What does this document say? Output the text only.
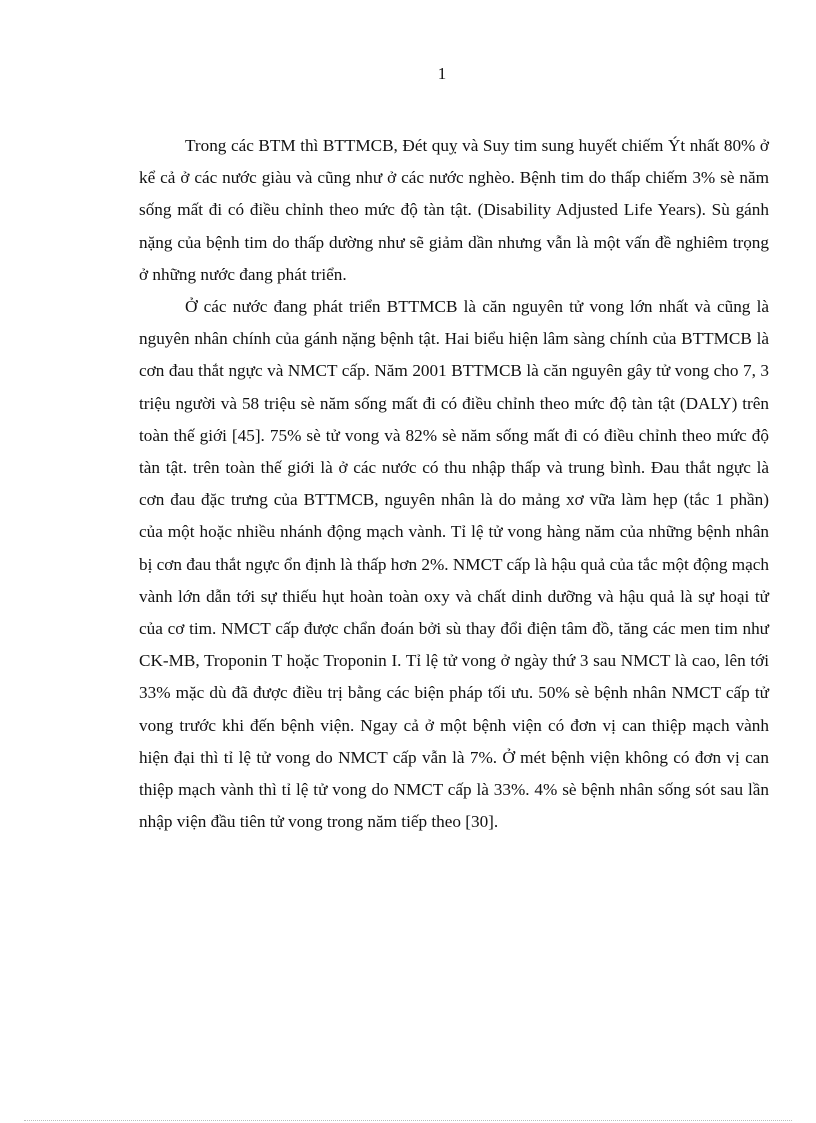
1

Trong các BTM thì BTTMCB, Đét quỵ và Suy tim sung huyết chiếm Ýt nhất 80% ở kể cả ở các nước giàu và cũng như ở các nước nghèo. Bệnh tim do thấp chiếm 3% sè năm sống mất đi có điều chỉnh theo mức độ tàn tật. (Disability Adjusted Life Years). Sù gánh nặng của bệnh tim do thấp dường như sẽ giảm dần nhưng vẫn là một vấn đề nghiêm trọng ở những nước đang phát triển.

Ở các nước đang phát triển BTTMCB là căn nguyên tử vong lớn nhất và cũng là nguyên nhân chính của gánh nặng bệnh tật. Hai biểu hiện lâm sàng chính của BTTMCB là cơn đau thắt ngực và NMCT cấp. Năm 2001 BTTMCB là căn nguyên gây tử vong cho 7, 3 triệu người và 58 triệu sè năm sống mất đi có điều chỉnh theo mức độ tàn tật (DALY) trên toàn thế giới [45]. 75% sè tử vong và 82% sè năm sống mất đi có điều chỉnh theo mức độ tàn tật. trên toàn thế giới là ở các nước có thu nhập thấp và trung bình. Đau thắt ngực là cơn đau đặc trưng của BTTMCB, nguyên nhân là do mảng xơ vữa làm hẹp (tắc 1 phần) của một hoặc nhiều nhánh động mạch vành. Tỉ lệ tử vong hàng năm của những bệnh nhân bị cơn đau thắt ngực ổn định là thấp hơn 2%. NMCT cấp là hậu quả của tắc một động mạch vành lớn dẫn tới sự thiếu hụt hoàn toàn oxy và chất dinh dưỡng và hậu quả là sự hoại tử của cơ tim. NMCT cấp được chẩn đoán bởi sù thay đổi điện tâm đồ, tăng các men tim như CK-MB, Troponin T hoặc Troponin I. Tỉ lệ tử vong ở ngày thứ 3 sau NMCT là cao, lên tới 33% mặc dù đã được điều trị bằng các biện pháp tối ưu. 50% sè bệnh nhân NMCT cấp tử vong trước khi đến bệnh viện. Ngay cả ở một bệnh viện có đơn vị can thiệp mạch vành hiện đại thì tỉ lệ tử vong do NMCT cấp vẫn là 7%. Ở mét bệnh viện không có đơn vị can thiệp mạch vành thì tỉ lệ tử vong do NMCT cấp là 33%. 4% sè bệnh nhân sống sót sau lần nhập viện đầu tiên tử vong trong năm tiếp theo [30].
